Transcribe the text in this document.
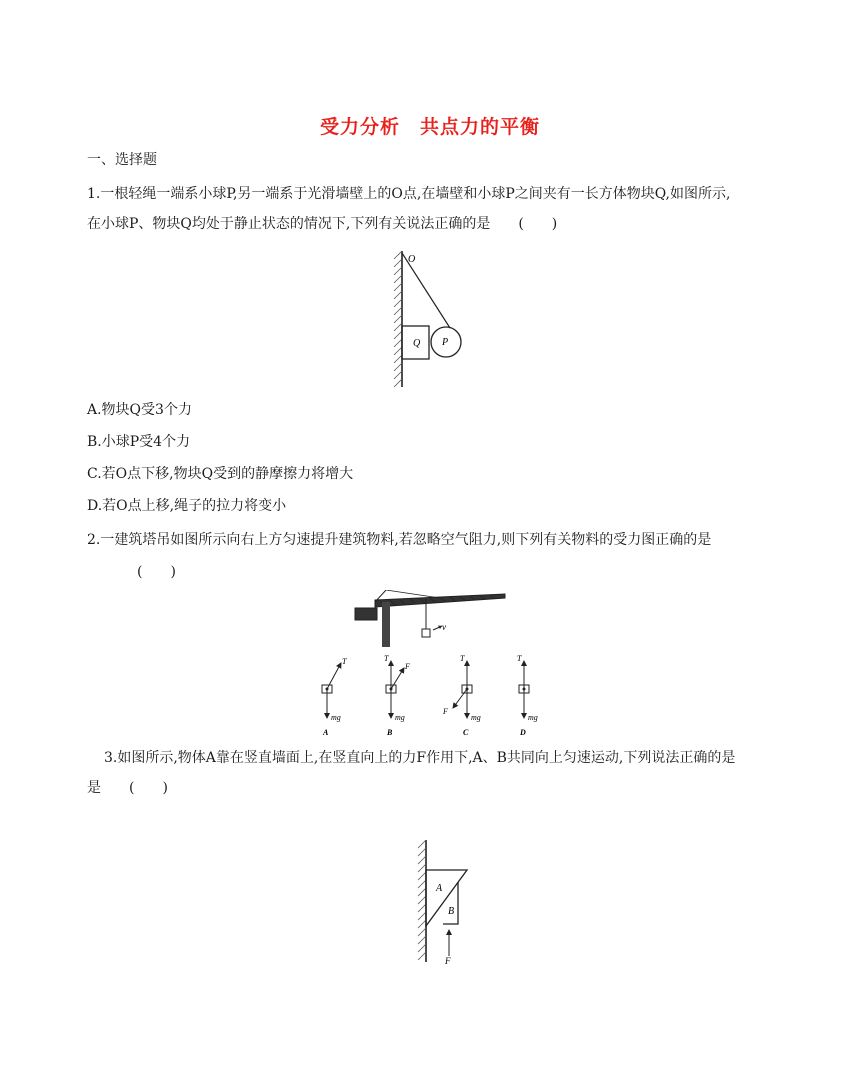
受力分析　共点力的平衡
一、选择题
1.一根轻绳一端系小球P,另一端系于光滑墙壁上的O点,在墙壁和小球P之间夹有一长方体物块Q,如图所示,
在小球P、物块Q均处于静止状态的情况下,下列有关说法正确的是　　(　　)
O
Q P
A.物块Q受3个力
B.小球P受4个力
C.若O点下移,物块Q受到的静摩擦力将增大
D.若O点上移,绳子的拉力将变小
2.一建筑塔吊如图所示向右上方匀速提升建筑物料,若忽略空气阻力,则下列有关物料的受力图正确的是
(　　)
v
T
mg
A
T
F
mg
B
T
F
mg
C
T
mg
D
3.如图所示,物体A靠在竖直墙面上,在竖直向上的力F作用下,A、B共同向上匀速运动,下列说法正确的是
是　　(　　)
A
B
F
